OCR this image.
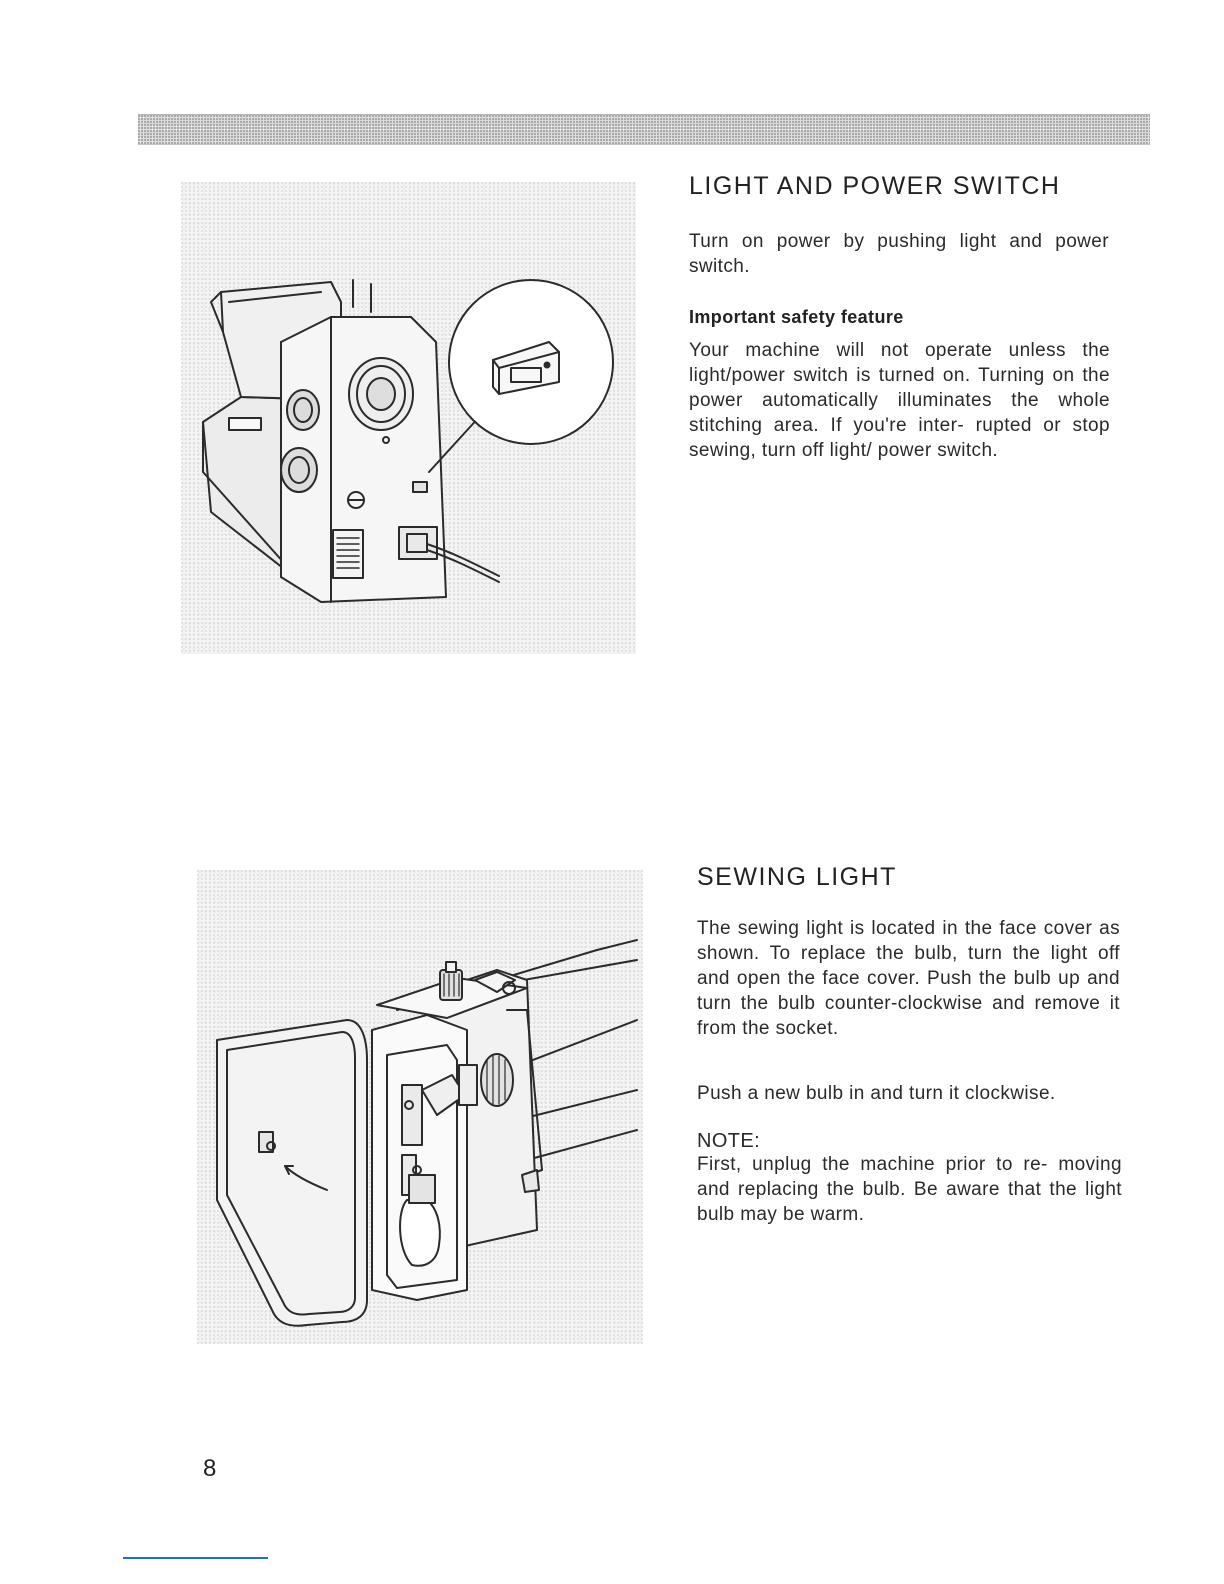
LIGHT AND POWER SWITCH

Turn on power by pushing light and power switch.

Important safety feature

Your machine will not operate unless the light/power switch is turned on. Turning on the power automatically illuminates the whole stitching area. If you're inter- rupted or stop sewing, turn off light/ power switch.

SEWING LIGHT

The sewing light is located in the face cover as shown. To replace the bulb, turn the light off and open the face cover. Push the bulb up and turn the bulb counter-clockwise and remove it from the socket.

Push a new bulb in and turn it clockwise.

NOTE:

First, unplug the machine prior to re- moving and replacing the bulb. Be aware that the light bulb may be warm.

8
